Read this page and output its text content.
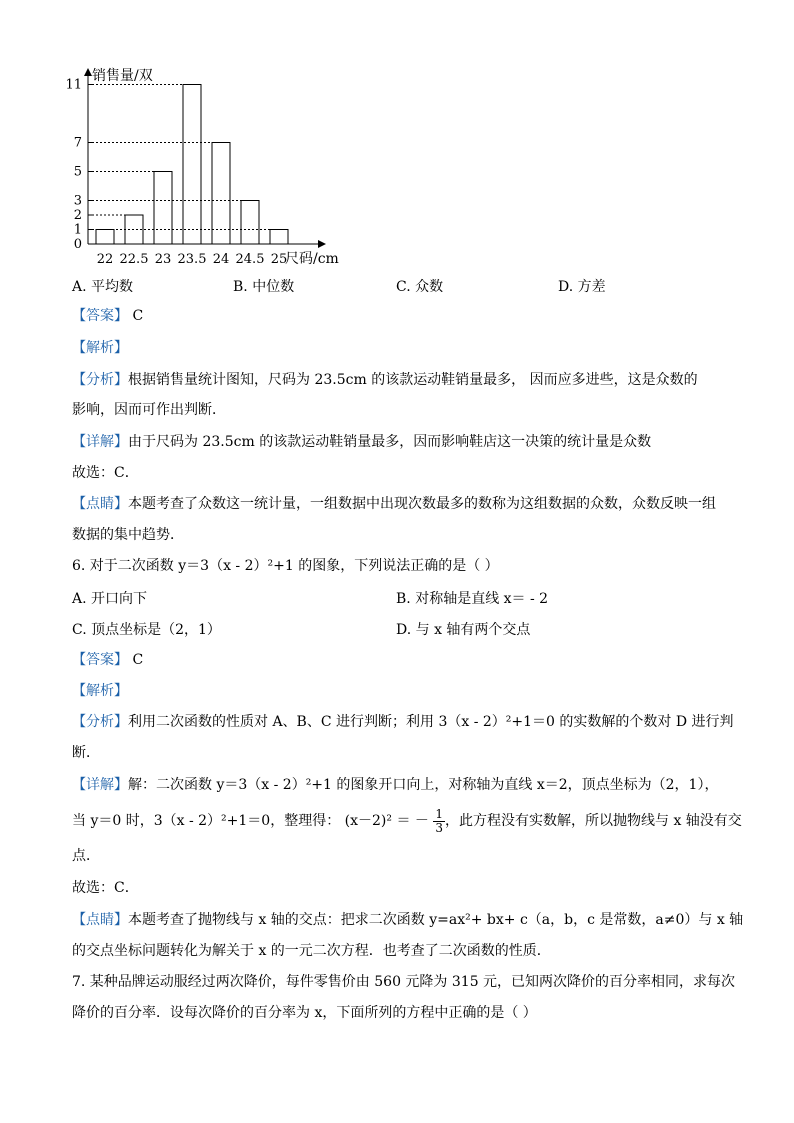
销售量/双
尺码/cm
0
1
2
3
5
7
11
22 22.5 23 23.5 24 24.5 25
A. 平均数	B. 中位数	C. 众数	D. 方差
【答案】 C
【解析】
【分析】根据销售量统计图知，尺码为 23.5cm 的该款运动鞋销量最多， 因而应多进些，这是众数的
影响，因而可作出判断．
【详解】由于尺码为 23.5cm 的该款运动鞋销量最多，因而影响鞋店这一决策的统计量是众数
故选：C．
【点睛】本题考查了众数这一统计量，一组数据中出现次数最多的数称为这组数据的众数，众数反映一组
数据的集中趋势．
6. 对于二次函数 y＝3（x - 2）²+1 的图象，下列说法正确的是（ ）
A. 开口向下	B. 对称轴是直线 x＝ - 2
C. 顶点坐标是（2，1）	D. 与 x 轴有两个交点
【答案】 C
【解析】
【分析】利用二次函数的性质对 A、B、C 进行判断；利用 3（x - 2）²+1＝0 的实数解的个数对 D 进行判
断．
【详解】解：二次函数 y＝3（x - 2）²+1 的图象开口向上，对称轴为直线 x＝2，顶点坐标为（2，1），
当 y＝0 时，3（x - 2）²+1＝0，整理得： (x－2)² ＝ － $\frac{1}{3}$ ，此方程没有实数解，所以抛物线与 x 轴没有交
点．
故选：C．
【点睛】本题考查了抛物线与 x 轴的交点：把求二次函数 y=ax²+ bx+ c（a，b，c 是常数，a≠0）与 x 轴
的交点坐标问题转化为解关于 x 的一元二次方程．也考查了二次函数的性质．
7. 某种品牌运动服经过两次降价，每件零售价由 560 元降为 315 元，已知两次降价的百分率相同，求每次
降价的百分率．设每次降价的百分率为 x，下面所列的方程中正确的是（ ）
